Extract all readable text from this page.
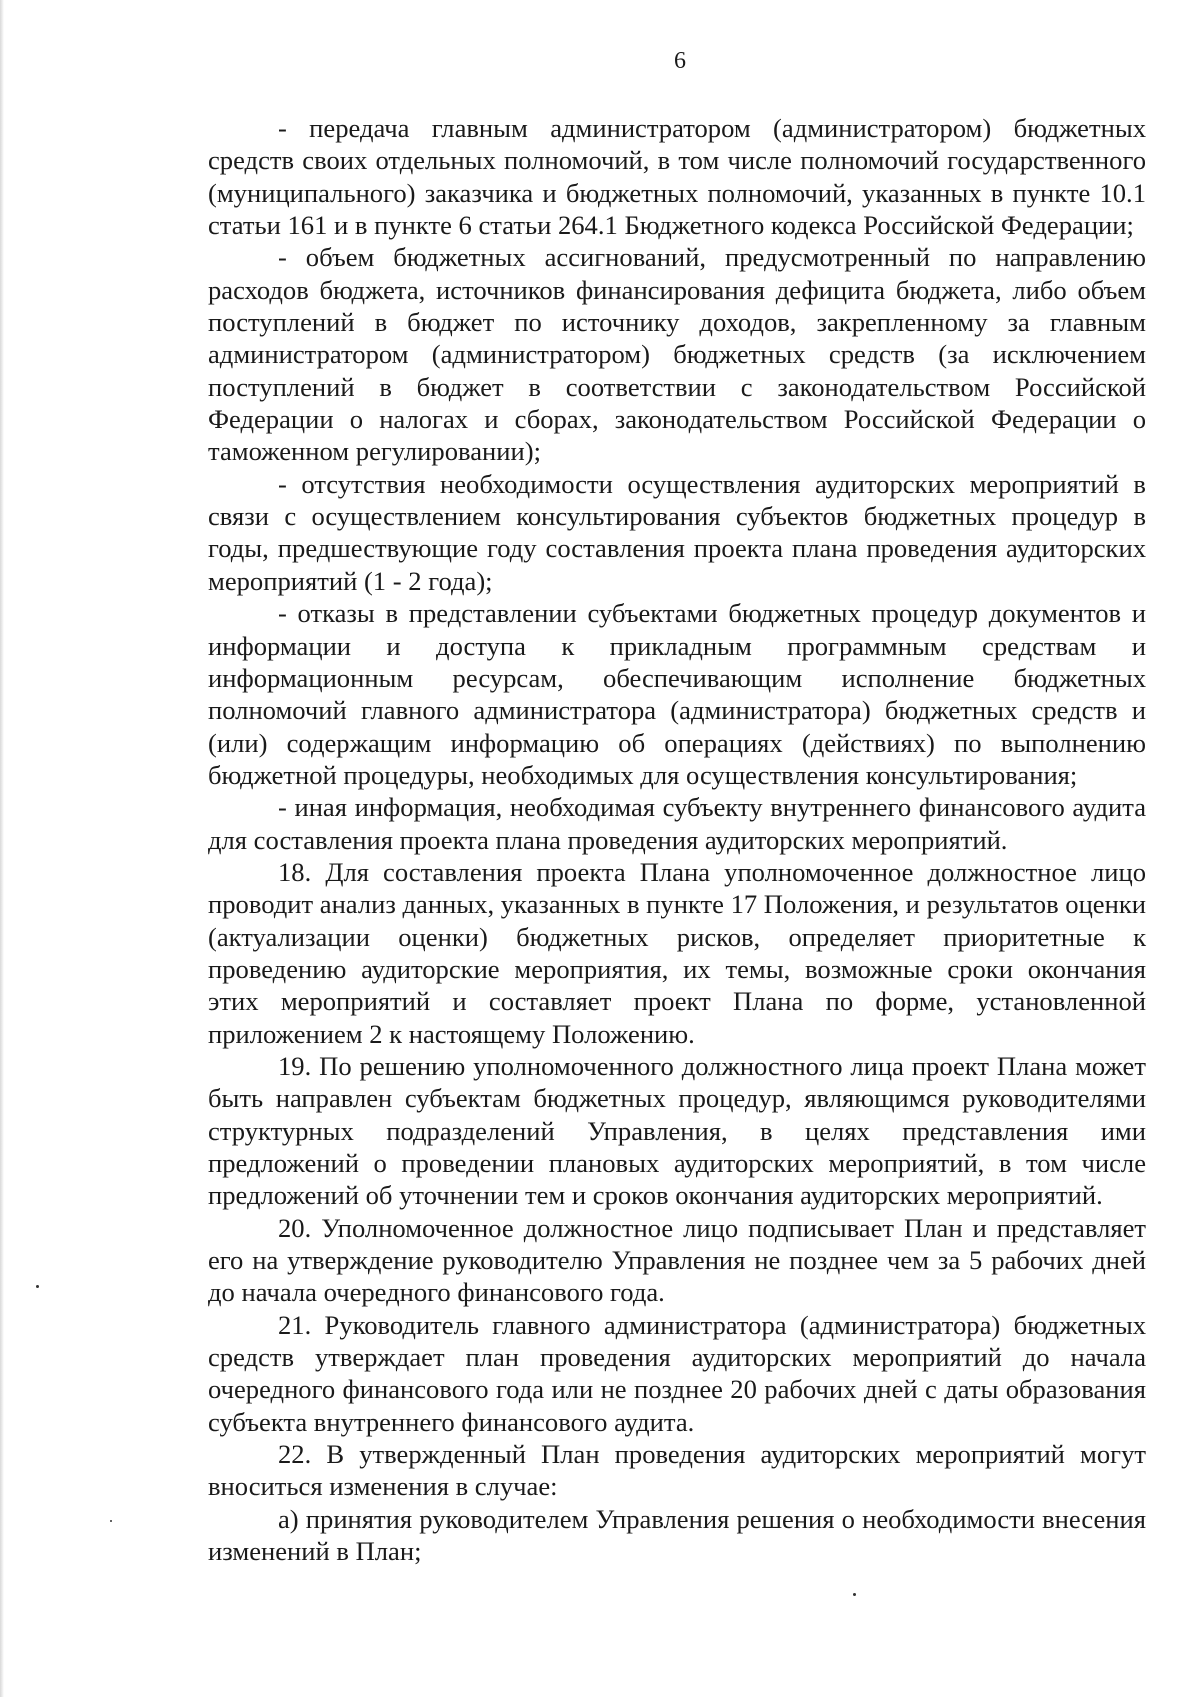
6

- передача главным администратором (администратором) бюджетных средств своих отдельных полномочий, в том числе полномочий государственного (муниципального) заказчика и бюджетных полномочий, указанных в пункте 10.1 статьи 161 и в пункте 6 статьи 264.1 Бюджетного кодекса Российской Федерации;

- объем бюджетных ассигнований, предусмотренный по направлению расходов бюджета, источников финансирования дефицита бюджета, либо объем поступлений в бюджет по источнику доходов, закрепленному за главным администратором (администратором) бюджетных средств (за исключением поступлений в бюджет в соответствии с законодательством Российской Федерации о налогах и сборах, законодательством Российской Федерации о таможенном регулировании);

- отсутствия необходимости осуществления аудиторских мероприятий в связи с осуществлением консультирования субъектов бюджетных процедур в годы, предшествующие году составления проекта плана проведения аудиторских мероприятий (1 - 2 года);

- отказы в представлении субъектами бюджетных процедур документов и информации и доступа к прикладным программным средствам и информационным ресурсам, обеспечивающим исполнение бюджетных полномочий главного администратора (администратора) бюджетных средств и (или) содержащим информацию об операциях (действиях) по выполнению бюджетной процедуры, необходимых для осуществления консультирования;

- иная информация, необходимая субъекту внутреннего финансового аудита для составления проекта плана проведения аудиторских мероприятий.

18. Для составления проекта Плана уполномоченное должностное лицо проводит анализ данных, указанных в пункте 17 Положения, и результатов оценки (актуализации оценки) бюджетных рисков, определяет приоритетные к проведению аудиторские мероприятия, их темы, возможные сроки окончания этих мероприятий и составляет проект Плана по форме, установленной приложением 2 к настоящему Положению.

19. По решению уполномоченного должностного лица проект Плана может быть направлен субъектам бюджетных процедур, являющимся руководителями структурных подразделений Управления, в целях представления ими предложений о проведении плановых аудиторских мероприятий, в том числе предложений об уточнении тем и сроков окончания аудиторских мероприятий.

20. Уполномоченное должностное лицо подписывает План и представляет его на утверждение руководителю Управления не позднее чем за 5 рабочих дней до начала очередного финансового года.

21. Руководитель главного администратора (администратора) бюджетных средств утверждает план проведения аудиторских мероприятий до начала очередного финансового года или не позднее 20 рабочих дней с даты образования субъекта внутреннего финансового аудита.

22. В утвержденный План проведения аудиторских мероприятий могут вноситься изменения в случае:

а) принятия руководителем Управления решения о необходимости внесения изменений в План;
